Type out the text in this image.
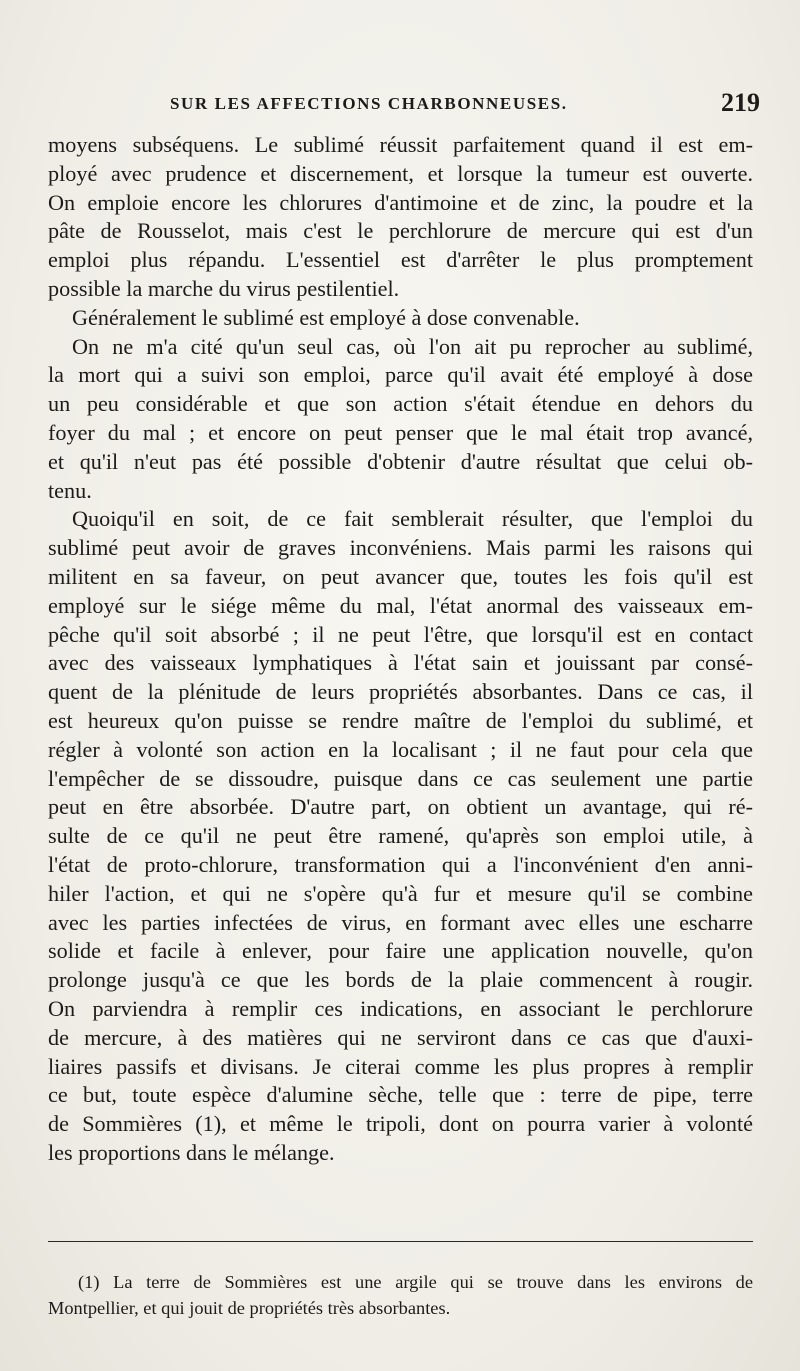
SUR LES AFFECTIONS CHARBONNEUSES.	219
moyens subséquens. Le sublimé réussit parfaitement quand il est em-
ployé avec prudence et discernement, et lorsque la tumeur est ouverte.
On emploie encore les chlorures d'antimoine et de zinc, la poudre et la
pâte de Rousselot, mais c'est le perchlorure de mercure qui est d'un
emploi plus répandu. L'essentiel est d'arrêter le plus promptement
possible la marche du virus pestilentiel.
Généralement le sublimé est employé à dose convenable.
On ne m'a cité qu'un seul cas, où l'on ait pu reprocher au sublimé,
la mort qui a suivi son emploi, parce qu'il avait été employé à dose
un peu considérable et que son action s'était étendue en dehors du
foyer du mal ; et encore on peut penser que le mal était trop avancé,
et qu'il n'eut pas été possible d'obtenir d'autre résultat que celui ob-
tenu.
Quoiqu'il en soit, de ce fait semblerait résulter, que l'emploi du
sublimé peut avoir de graves inconvéniens. Mais parmi les raisons qui
militent en sa faveur, on peut avancer que, toutes les fois qu'il est
employé sur le siége même du mal, l'état anormal des vaisseaux em-
pêche qu'il soit absorbé ; il ne peut l'être, que lorsqu'il est en contact
avec des vaisseaux lymphatiques à l'état sain et jouissant par consé-
quent de la plénitude de leurs propriétés absorbantes. Dans ce cas, il
est heureux qu'on puisse se rendre maître de l'emploi du sublimé, et
régler à volonté son action en la localisant ; il ne faut pour cela que
l'empêcher de se dissoudre, puisque dans ce cas seulement une partie
peut en être absorbée. D'autre part, on obtient un avantage, qui ré-
sulte de ce qu'il ne peut être ramené, qu'après son emploi utile, à
l'état de proto-chlorure, transformation qui a l'inconvénient d'en anni-
hiler l'action, et qui ne s'opère qu'à fur et mesure qu'il se combine
avec les parties infectées de virus, en formant avec elles une escharre
solide et facile à enlever, pour faire une application nouvelle, qu'on
prolonge jusqu'à ce que les bords de la plaie commencent à rougir.
On parviendra à remplir ces indications, en associant le perchlorure
de mercure, à des matières qui ne serviront dans ce cas que d'auxi-
liaires passifs et divisans. Je citerai comme les plus propres à remplir
ce but, toute espèce d'alumine sèche, telle que : terre de pipe, terre
de Sommières (1), et même le tripoli, dont on pourra varier à volonté
les proportions dans le mélange.
(1) La terre de Sommières est une argile qui se trouve dans les environs de
Montpellier, et qui jouit de propriétés très absorbantes.
